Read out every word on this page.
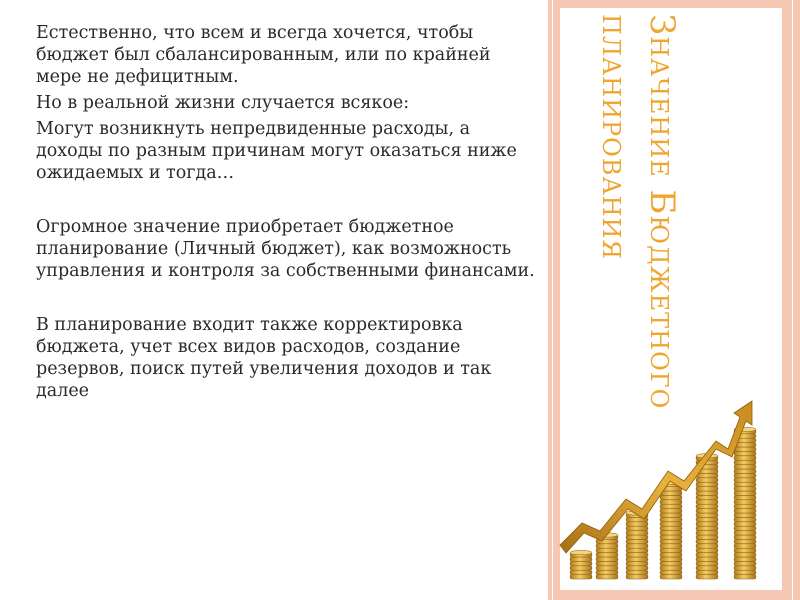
Естественно, что всем и всегда хочется, чтобы бюджет был сбалансированным, или по крайней мере не дефицитным.

Но в реальной жизни случается всякое:

Могут возникнуть непредвиденные расходы, а доходы по разным причинам могут оказаться ниже ожидаемых и тогда…

Огромное значение приобретает бюджетное планирование (Личный бюджет), как возможность управления и контроля за собственными финансами.

В планирование входит также корректировка бюджета, учет всех видов расходов, создание резервов, поиск путей увеличения доходов и так далее	Значение Бюджетного
планирования
